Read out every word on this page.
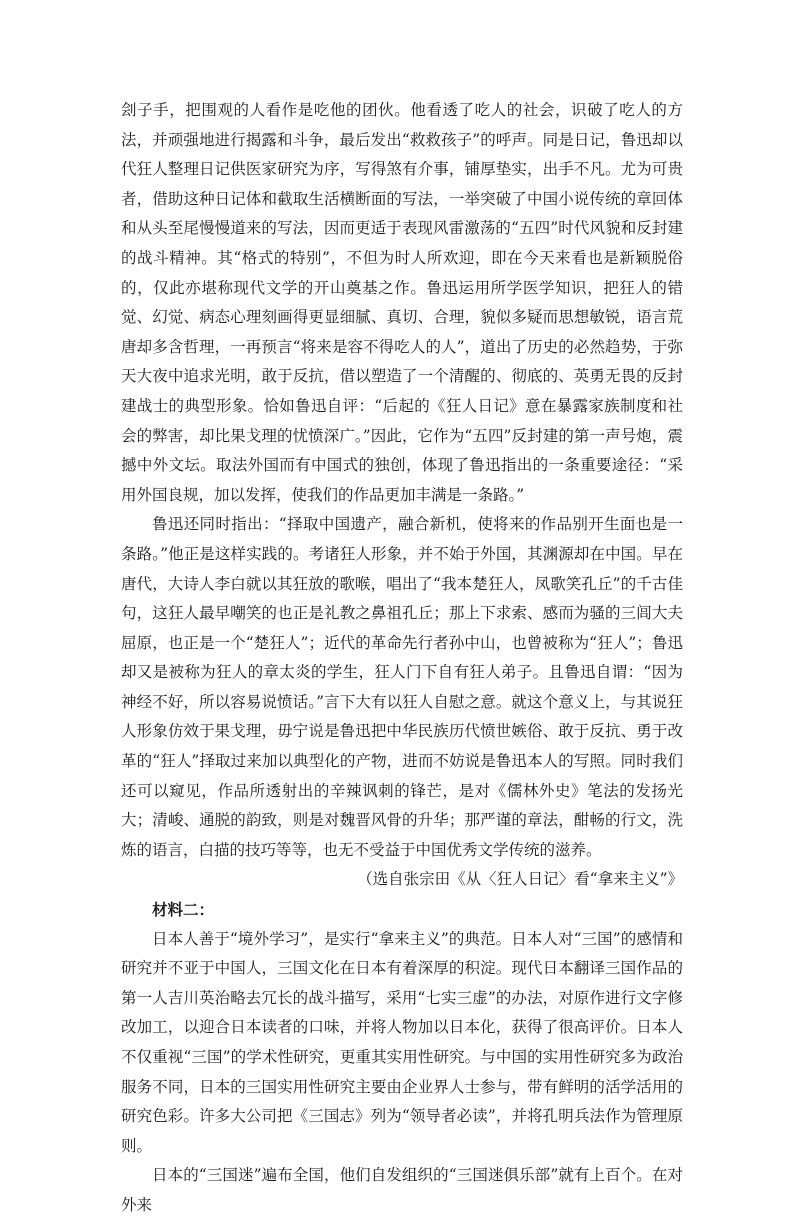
刽子手，把围观的人看作是吃他的团伙。他看透了吃人的社会，识破了吃人的方法，并顽强地进行揭露和斗争，最后发出“救救孩子”的呼声。同是日记，鲁迅却以代狂人整理日记供医家研究为序，写得煞有介事，铺厚垫实，出手不凡。尤为可贵者，借助这种日记体和截取生活横断面的写法，一举突破了中国小说传统的章回体和从头至尾慢慢道来的写法，因而更适于表现风雷激荡的“五四”时代风貌和反封建的战斗精神。其“格式的特别”，不但为时人所欢迎，即在今天来看也是新颖脱俗的，仅此亦堪称现代文学的开山奠基之作。鲁迅运用所学医学知识，把狂人的错觉、幻觉、病态心理刻画得更显细腻、真切、合理，貌似多疑而思想敏锐，语言荒唐却多含哲理，一再预言“将来是容不得吃人的人”，道出了历史的必然趋势，于弥天大夜中追求光明，敢于反抗，借以塑造了一个清醒的、彻底的、英勇无畏的反封建战士的典型形象。恰如鲁迅自评：“后起的《狂人日记》意在暴露家族制度和社会的弊害，却比果戈理的忧愤深广。”因此，它作为“五四”反封建的第一声号炮，震撼中外文坛。取法外国而有中国式的独创，体现了鲁迅指出的一条重要途径：“采用外国良规，加以发挥，使我们的作品更加丰满是一条路。”

鲁迅还同时指出：“择取中国遗产，融合新机，使将来的作品别开生面也是一条路。”他正是这样实践的。考诸狂人形象，并不始于外国，其渊源却在中国。早在唐代，大诗人李白就以其狂放的歌喉，唱出了“我本楚狂人，凤歌笑孔丘”的千古佳句，这狂人最早嘲笑的也正是礼教之鼻祖孔丘；那上下求索、感而为骚的三闾大夫屈原，也正是一个“楚狂人”；近代的革命先行者孙中山，也曾被称为“狂人”；鲁迅却又是被称为狂人的章太炎的学生，狂人门下自有狂人弟子。且鲁迅自谓：“因为神经不好，所以容易说愤话。”言下大有以狂人自慰之意。就这个意义上，与其说狂人形象仿效于果戈理，毋宁说是鲁迅把中华民族历代愤世嫉俗、敢于反抗、勇于改革的“狂人”择取过来加以典型化的产物，进而不妨说是鲁迅本人的写照。同时我们还可以窥见，作品所透射出的辛辣讽刺的锋芒，是对《儒林外史》笔法的发扬光大；清峻、通脱的韵致，则是对魏晋风骨的升华；那严谨的章法，酣畅的行文，洗炼的语言，白描的技巧等等，也无不受益于中国优秀文学传统的滋养。

（选自张宗田《从〈狂人日记〉看“拿来主义”》

材料二：

日本人善于“境外学习”，是实行“拿来主义”的典范。日本人对“三国”的感情和研究并不亚于中国人，三国文化在日本有着深厚的积淀。现代日本翻译三国作品的第一人吉川英治略去冗长的战斗描写，采用“七实三虚”的办法，对原作进行文字修改加工，以迎合日本读者的口味，并将人物加以日本化，获得了很高评价。日本人不仅重视“三国”的学术性研究，更重其实用性研究。与中国的实用性研究多为政治服务不同，日本的三国实用性研究主要由企业界人士参与，带有鲜明的活学活用的研究色彩。许多大公司把《三国志》列为“领导者必读”，并将孔明兵法作为管理原则。

日本的“三国迷”遍布全国，他们自发组织的“三国迷俱乐部”就有上百个。在对外来
